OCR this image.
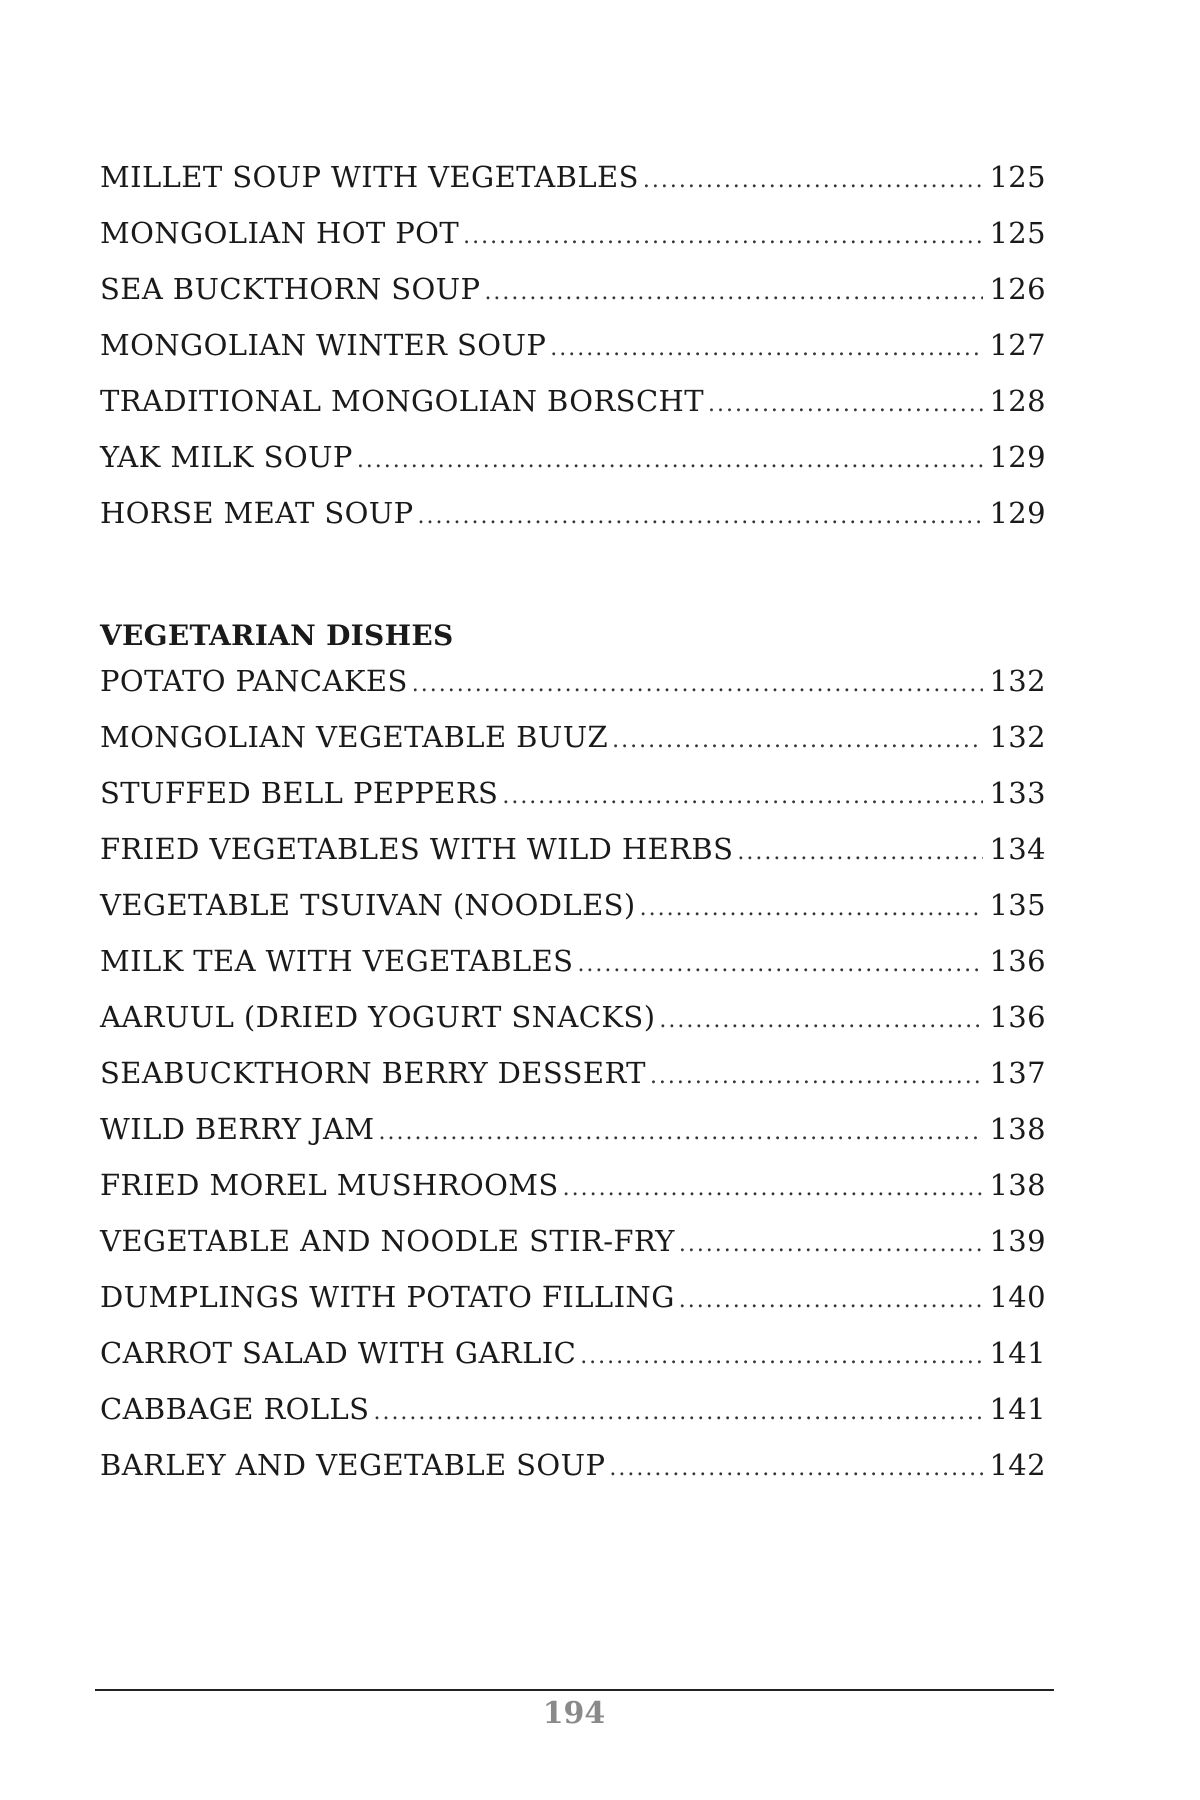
MILLET SOUP WITH VEGETABLES .....	125
MONGOLIAN HOT POT .....	125
SEA BUCKTHORN SOUP .....	126
MONGOLIAN WINTER SOUP .....	127
TRADITIONAL MONGOLIAN BORSCHT .....	128
YAK MILK SOUP .....	129
HORSE MEAT SOUP .....	129
VEGETARIAN DISHES
POTATO PANCAKES .....	132
MONGOLIAN VEGETABLE BUUZ .....	132
STUFFED BELL PEPPERS .....	133
FRIED VEGETABLES WITH WILD HERBS .....	134
VEGETABLE TSUIVAN (NOODLES) .....	135
MILK TEA WITH VEGETABLES .....	136
AARUUL (DRIED YOGURT SNACKS) .....	136
SEABUCKTHORN BERRY DESSERT .....	137
WILD BERRY JAM .....	138
FRIED MOREL MUSHROOMS .....	138
VEGETABLE AND NOODLE STIR-FRY .....	139
DUMPLINGS WITH POTATO FILLING .....	140
CARROT SALAD WITH GARLIC .....	141
CABBAGE ROLLS .....	141
BARLEY AND VEGETABLE SOUP .....	142
194
